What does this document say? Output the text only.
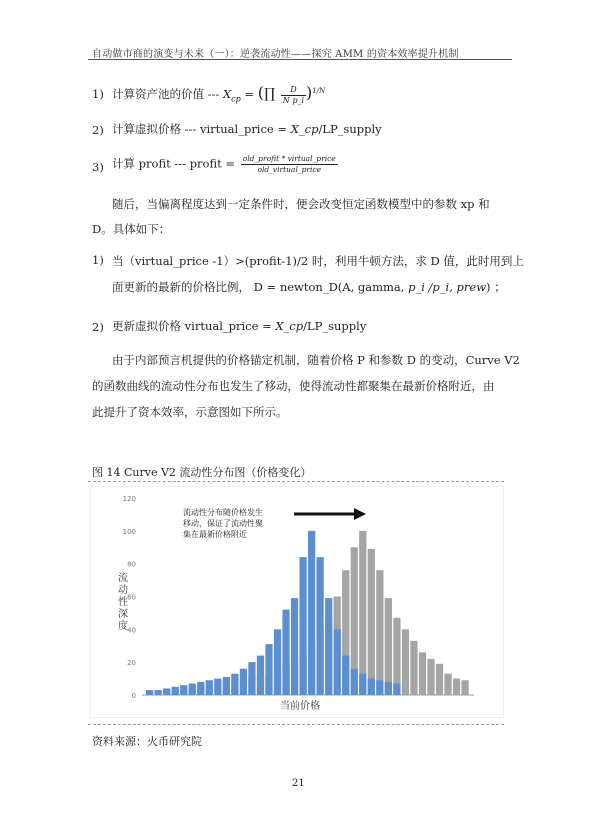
自动做市商的演变与未来（一）：逆袭流动性——探究 AMM 的资本效率提升机制
1) 计算资产池的价值 --- $X_{cp}$ = (∏ $\frac{D}{\text{N p\_i}} )^{1/N}$
2) 计算虚拟价格 --- virtual_price = X_cp/LP_supply
3) 计算 profit --- profit = $\frac{\text{old\_profit * virtual\_price}}{\text{old\_virtual\_price}}$
随后，当偏离程度达到一定条件时，便会改变恒定函数模型中的参数 xp 和
D。具体如下：
1) 当（virtual_price -1）>(profit-1)/2 时，利用牛顿方法，求 D 值，此时用到上
面更新的最新的价格比例， D = newton_D(A, gamma, p_i /p_i, prew) ；
2) 更新虚拟价格 virtual_price = X_cp/LP_supply
由于内部预言机提供的价格锚定机制，随着价格 P 和参数 D 的变动，Curve V2
的函数曲线的流动性分布也发生了移动，使得流动性都聚集在最新价格附近，由
此提升了资本效率，示意图如下所示。
图 14 Curve V2 流动性分布图（价格变化）
0
20
40
60
80
100
120
流动性深度
当前价格
流动性分布随价格发生
移动，保证了流动性聚
集在最新价格附近
资料来源：火币研究院
21
